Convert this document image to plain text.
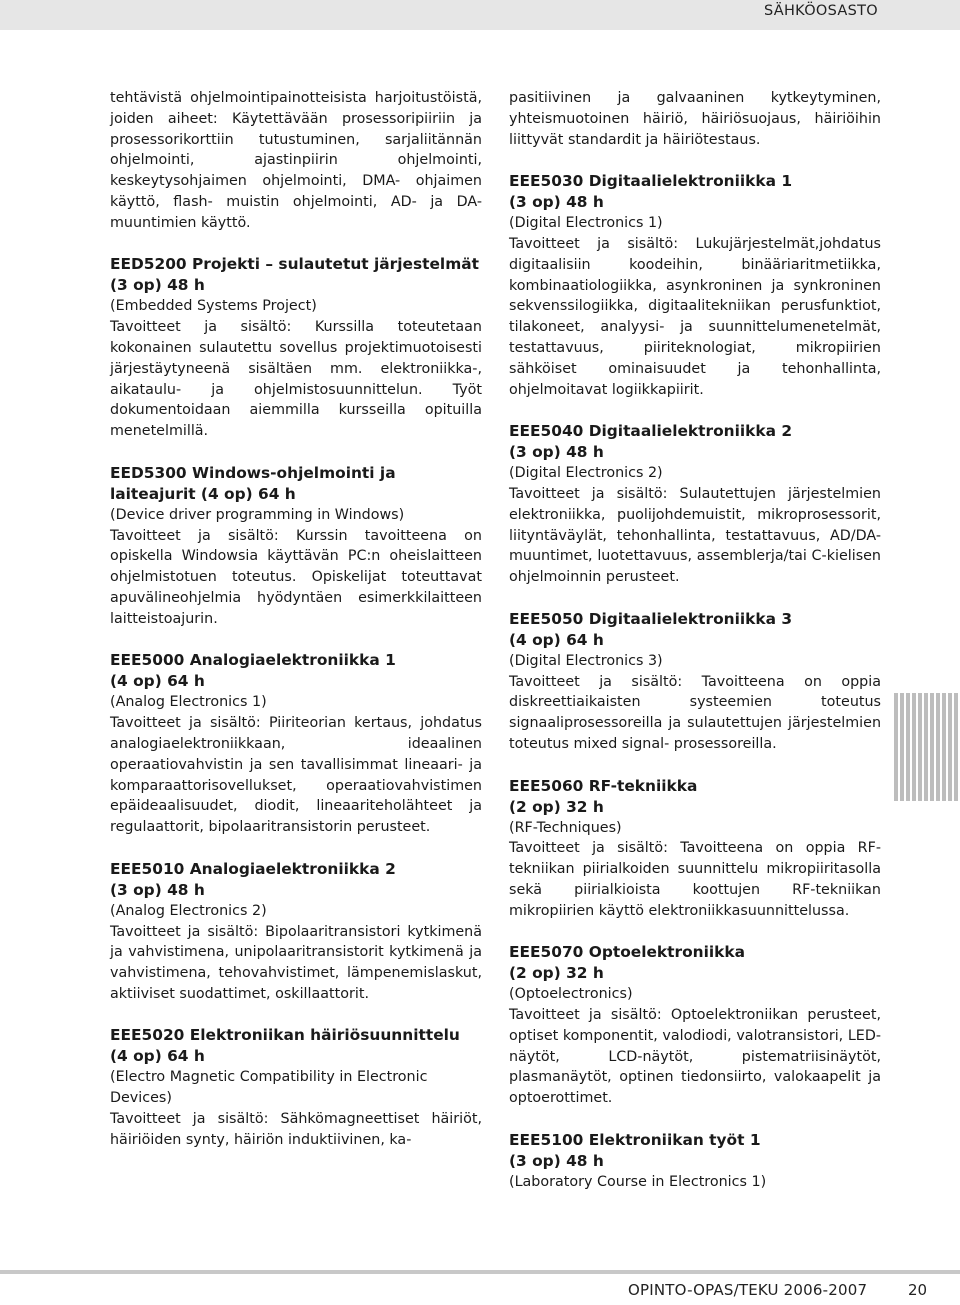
SÄHKÖOSASTO

tehtävistä ohjelmointipainotteisista harjoitustöistä, joiden aiheet: Käytettävään prosessoripiiriin ja prosessorikorttiin tutustuminen, sarjaliitännän ohjelmointi, ajastinpiirin ohjelmointi, keskeytysohjaimen ohjelmointi, DMA- ohjaimen käyttö, flash- muistin ohjelmointi, AD- ja DA- muuntimien käyttö.

EED5200 Projekti – sulautetut järjestelmät (3 op) 48 h
(Embedded Systems Project)
Tavoitteet ja sisältö: Kurssilla toteutetaan kokonainen sulautettu sovellus projektimuotoisesti järjestäytyneenä sisältäen mm. elektroniikka-, aikataulu- ja ohjelmistosuunnittelun. Työt dokumentoidaan aiemmilla kursseilla opituilla menetelmillä.
EED5300 Windows-ohjelmointi ja laiteajurit (4 op) 64 h
(Device driver programming in Windows)
Tavoitteet ja sisältö: Kurssin tavoitteena on opiskella Windowsia käyttävän PC:n oheislaitteen ohjelmistotuen toteutus. Opiskelijat toteuttavat apuvälineohjelmia hyödyntäen esimerkkilaitteen laitteistoajurin.
EEE5000 Analogiaelektroniikka 1
(4 op) 64 h
(Analog Electronics 1)
Tavoitteet ja sisältö: Piiriteorian kertaus, johdatus analogiaelektroniikkaan, ideaalinen operaatiovahvistin ja sen tavallisimmat lineaari- ja komparaattorisovellukset, operaatiovahvistimen epäideaalisuudet, diodit, lineaariteholähteet ja regulaattorit, bipolaaritransistorin perusteet.
EEE5010 Analogiaelektroniikka 2
(3 op) 48 h
(Analog Electronics 2)
Tavoitteet ja sisältö: Bipolaaritransistori kytkimenä ja vahvistimena, unipolaaritransistorit kytkimenä ja vahvistimena, tehovahvistimet, lämpenemislaskut, aktiiviset suodattimet, oskillaattorit.
EEE5020 Elektroniikan häiriösuunnittelu
(4 op) 64 h
(Electro Magnetic Compatibility in Electronic Devices)
Tavoitteet ja sisältö: Sähkömagneettiset häiriöt, häiriöiden synty, häiriön induktiivinen, ka-

pasitiivinen ja galvaaninen kytkeytyminen, yhteismuotoinen häiriö, häiriösuojaus, häiriöihin liittyvät standardit ja häiriötestaus.

EEE5030 Digitaalielektroniikka 1
(3 op) 48 h
(Digital Electronics 1)
Tavoitteet ja sisältö: Lukujärjestelmät,johdatus digitaalisiin koodeihin, binääriaritmetiikka, kombinaatiologiikka, asynkroninen ja synkroninen sekvenssilogiikka, digitaalitekniikan perusfunktiot, tilakoneet, analyysi- ja suunnittelumenetelmät, testattavuus, piiriteknologiat, mikropiirien sähköiset ominaisuudet ja tehonhallinta, ohjelmoitavat logiikkapiirit.
EEE5040 Digitaalielektroniikka 2
(3 op) 48 h
(Digital Electronics 2)
Tavoitteet ja sisältö: Sulautettujen järjestelmien elektroniikka, puolijohdemuistit, mikroprosessorit, liityntäväylät, tehonhallinta, testattavuus, AD/DA-muuntimet, luotettavuus, assemblerja/tai C-kielisen ohjelmoinnin perusteet.
EEE5050 Digitaalielektroniikka 3
(4 op) 64 h
(Digital Electronics 3)
Tavoitteet ja sisältö: Tavoitteena on oppia diskreettiaikaisten systeemien toteutus signaaliprosessoreilla ja sulautettujen järjestelmien toteutus mixed signal- prosessoreilla.
EEE5060 RF-tekniikka
(2 op) 32 h
(RF-Techniques)
Tavoitteet ja sisältö: Tavoitteena on oppia RF-tekniikan piirialkoiden suunnittelu mikropiiritasolla sekä piirialkioista koottujen RF-tekniikan mikropiirien käyttö elektroniikkasuunnittelussa.
EEE5070 Optoelektroniikka
(2 op) 32 h
(Optoelectronics)
Tavoitteet ja sisältö: Optoelektroniikan perusteet, optiset komponentit, valodiodi, valotransistori, LED-näytöt, LCD-näytöt, pistematriisinäytöt, plasmanäytöt, optinen tiedonsiirto, valokaapelit ja optoerottimet.
EEE5100 Elektroniikan työt 1
(3 op) 48 h
(Laboratory Course in Electronics 1)
OPINTO-OPAS/TEKU 2006-2007	20
